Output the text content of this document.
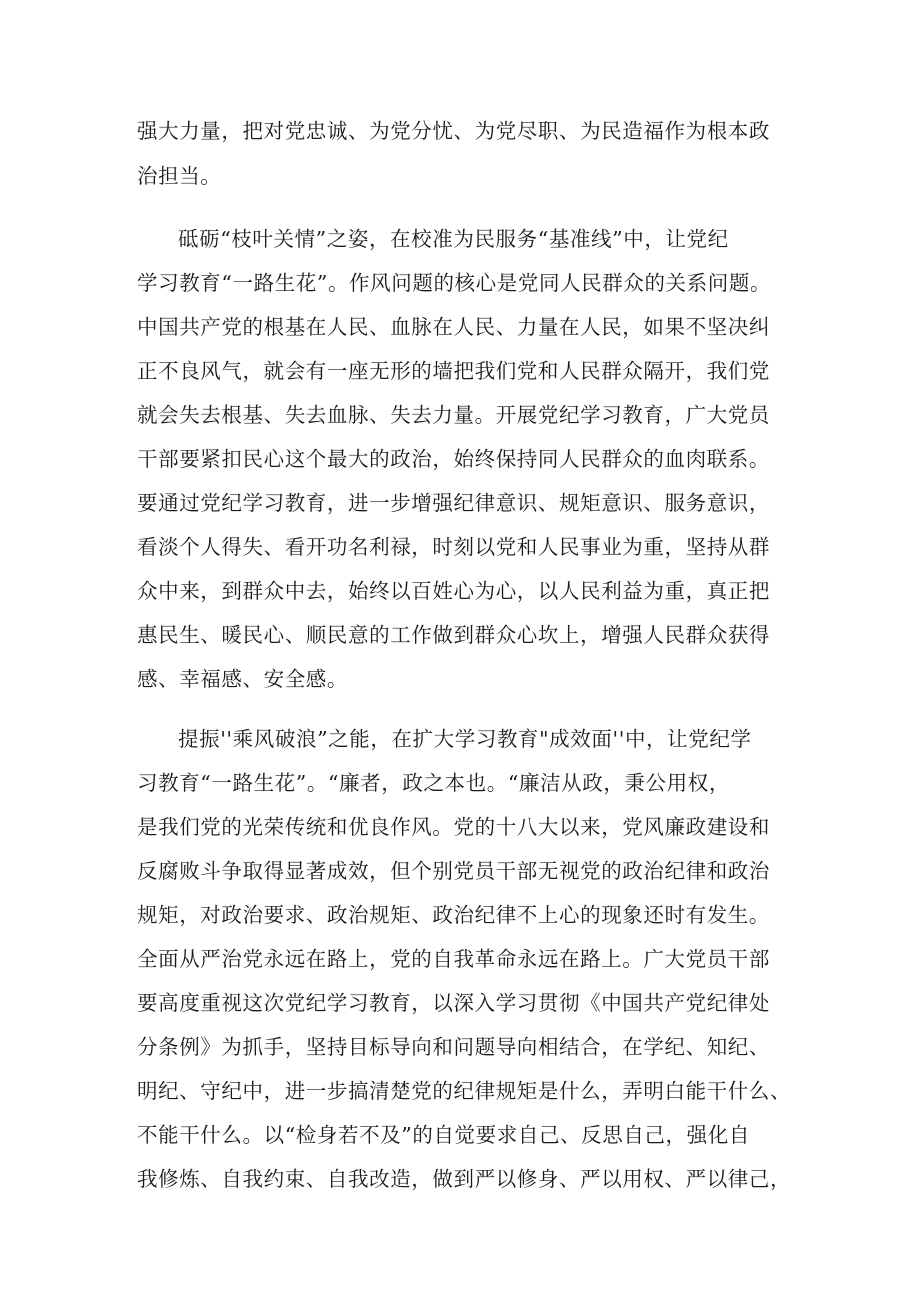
强大力量，把对党忠诚、为党分忧、为党尽职、为民造福作为根本政
治担当。
砥砺“枝叶关情”之姿，在校准为民服务“基准线”中，让党纪
学习教育“一路生花”。作风问题的核心是党同人民群众的关系问题。
中国共产党的根基在人民、血脉在人民、力量在人民，如果不坚决纠
正不良风气，就会有一座无形的墙把我们党和人民群众隔开，我们党
就会失去根基、失去血脉、失去力量。开展党纪学习教育，广大党员
干部要紧扣民心这个最大的政治，始终保持同人民群众的血肉联系。
要通过党纪学习教育，进一步增强纪律意识、规矩意识、服务意识，
看淡个人得失、看开功名利禄，时刻以党和人民事业为重，坚持从群
众中来，到群众中去，始终以百姓心为心，以人民利益为重，真正把
惠民生、暖民心、顺民意的工作做到群众心坎上，增强人民群众获得
感、幸福感、安全感。
提振''乘风破浪”之能，在扩大学习教育"成效面''中，让党纪学
习教育“一路生花”。“廉者，政之本也。“廉洁从政，秉公用权，
是我们党的光荣传统和优良作风。党的十八大以来，党风廉政建设和
反腐败斗争取得显著成效，但个别党员干部无视党的政治纪律和政治
规矩，对政治要求、政治规矩、政治纪律不上心的现象还时有发生。
全面从严治党永远在路上，党的自我革命永远在路上。广大党员干部
要高度重视这次党纪学习教育，以深入学习贯彻《中国共产党纪律处
分条例》为抓手，坚持目标导向和问题导向相结合，在学纪、知纪、
明纪、守纪中，进一步搞清楚党的纪律规矩是什么，弄明白能干什么、
不能干什么。以“检身若不及”的自觉要求自己、反思自己，强化自
我修炼、自我约束、自我改造，做到严以修身、严以用权、严以律己，
